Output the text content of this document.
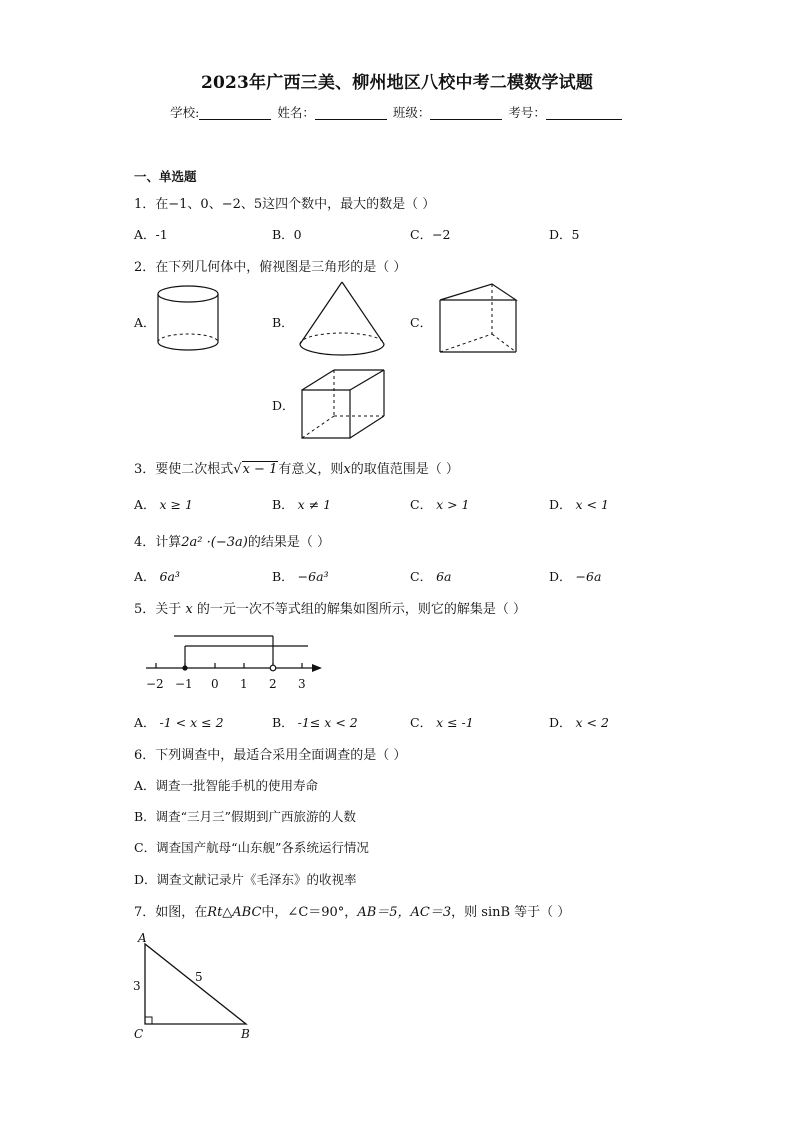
2023年广西三美、柳州地区八校中考二模数学试题
学校:	姓名：	班级：	考号：
一、单选题
1．在−1、0、−2、5这四个数中，最大的数是（ ）
A．-1	B．0	C．−2	D．5
2．在下列几何体中，俯视图是三角形的是（ ）
A．	B．	C．
D．
3．要使二次根式√x − 1有意义，则x的取值范围是（ ）
A． x ≥ 1	B． x ≠ 1	C． x > 1	D． x < 1
4．计算2a² ·(−3a)的结果是（ ）
A． 6a³	B． −6a³	C． 6a	D． −6a
5．关于 x 的一元一次不等式组的解集如图所示，则它的解集是（ ）
−2 −1 0 1 2 3
A． -1 < x ≤ 2	B． -1≤ x < 2	C． x ≤ -1	D． x < 2
6．下列调查中，最适合采用全面调查的是（ ）
A．调查一批智能手机的使用寿命
B．调查“三月三”假期到广西旅游的人数
C．调查国产航母“山东舰”各系统运行情况
D．调查文献记录片《毛泽东》的收视率
7．如图，在Rt△ABC中，∠C＝90°，AB＝5，AC＝3，则 sinB 等于（ ）
A
C	B
3
5
